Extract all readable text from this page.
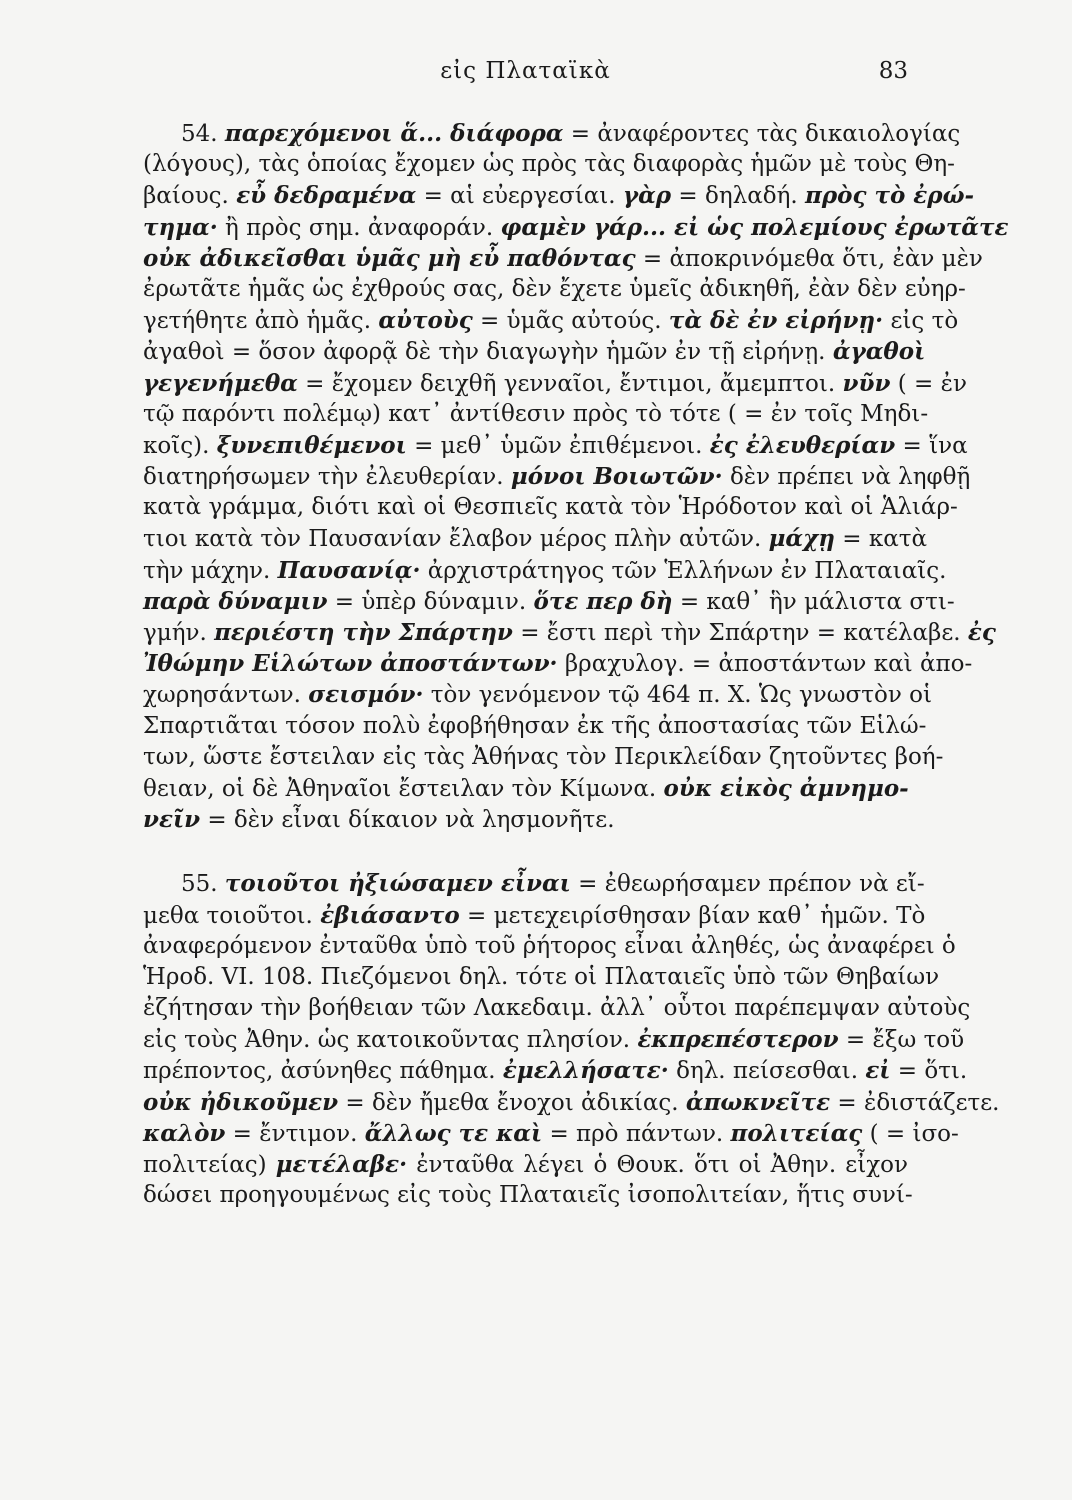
εἰς Πλαταϊκὰ	83
54. παρεχόμενοι ἅ... διάφορα = ἀναφέροντες τὰς δικαιολογίας
(λόγους), τὰς ὁποίας ἔχομεν ὡς πρὸς τὰς διαφορὰς ἡμῶν μὲ τοὺς Θη-
βαίους. εὖ δεδραμένα = αἱ εὐεργεσίαι. γὰρ = δηλαδή. πρὸς τὸ ἐρώ-
τημα· ἢ πρὸς σημ. ἀναφοράν. φαμὲν γάρ... εἰ ὡς πολεμίους ἐρωτᾶτε
οὐκ ἀδικεῖσθαι ὑμᾶς μὴ εὖ παθόντας = ἀποκρινόμεθα ὅτι, ἐὰν μὲν
ἐρωτᾶτε ἡμᾶς ὡς ἐχθρούς σας, δὲν ἔχετε ὑμεῖς ἀδικηθῆ, ἐὰν δὲν εὐηρ-
γετήθητε ἀπὸ ἡμᾶς. αὐτοὺς = ὑμᾶς αὐτούς. τὰ δὲ ἐν εἰρήνῃ· εἰς τὸ
ἀγαθοὶ = ὅσον ἀφορᾷ δὲ τὴν διαγωγὴν ἡμῶν ἐν τῇ εἰρήνῃ. ἀγαθοὶ
γεγενήμεθα = ἔχομεν δειχθῆ γενναῖοι, ἔντιμοι, ἄμεμπτοι. νῦν ( = ἐν
τῷ παρόντι πολέμῳ) κατ᾽ ἀντίθεσιν πρὸς τὸ τότε ( = ἐν τοῖς Μηδι-
κοῖς). ξυνεπιθέμενοι = μεθ᾽ ὑμῶν ἐπιθέμενοι. ἐς ἐλευθερίαν = ἵνα
διατηρήσωμεν τὴν ἐλευθερίαν. μόνοι Βοιωτῶν· δὲν πρέπει νὰ ληφθῇ
κατὰ γράμμα, διότι καὶ οἱ Θεσπιεῖς κατὰ τὸν Ἡρόδοτον καὶ οἱ Ἁλιάρ-
τιοι κατὰ τὸν Παυσανίαν ἔλαβον μέρος πλὴν αὐτῶν. μάχῃ = κατὰ
τὴν μάχην. Παυσανίᾳ· ἀρχιστράτηγος τῶν Ἑλλήνων ἐν Πλαταιαῖς.
παρὰ δύναμιν = ὑπὲρ δύναμιν. ὅτε περ δὴ = καθ᾽ ἣν μάλιστα στι-
γμήν. περιέστη τὴν Σπάρτην = ἔστι περὶ τὴν Σπάρτην = κατέλαβε. ἐς
Ἰθώμην Εἱλώτων ἀποστάντων· βραχυλογ. = ἀποστάντων καὶ ἀπο-
χωρησάντων. σεισμόν· τὸν γενόμενον τῷ 464 π. Χ. Ὡς γνωστὸν οἱ
Σπαρτιᾶται τόσον πολὺ ἐφοβήθησαν ἐκ τῆς ἀποστασίας τῶν Εἱλώ-
των, ὥστε ἔστειλαν εἰς τὰς Ἀθήνας τὸν Περικλείδαν ζητοῦντες βοή-
θειαν, οἱ δὲ Ἀθηναῖοι ἔστειλαν τὸν Κίμωνα. οὐκ εἰκὸς ἀμνημο-
νεῖν = δὲν εἶναι δίκαιον νὰ λησμονῆτε.
55. τοιοῦτοι ἠξιώσαμεν εἶναι = ἐθεωρήσαμεν πρέπον νὰ εἴ-
μεθα τοιοῦτοι. ἐβιάσαντο = μετεχειρίσθησαν βίαν καθ᾽ ἡμῶν. Τὸ
ἀναφερόμενον ἐνταῦθα ὑπὸ τοῦ ῥήτορος εἶναι ἀληθές, ὡς ἀναφέρει ὁ
Ἡροδ. VI. 108. Πιεζόμενοι δηλ. τότε οἱ Πλαταιεῖς ὑπὸ τῶν Θηβαίων
ἐζήτησαν τὴν βοήθειαν τῶν Λακεδαιμ. ἀλλ᾽ οὗτοι παρέπεμψαν αὐτοὺς
εἰς τοὺς Ἀθην. ὡς κατοικοῦντας πλησίον. ἐκπρεπέστερον = ἔξω τοῦ
πρέποντος, ἀσύνηθες πάθημα. ἐμελλήσατε· δηλ. πείσεσθαι. εἰ = ὅτι.
οὐκ ἠδικοῦμεν = δὲν ἤμεθα ἔνοχοι ἀδικίας. ἀπωκνεῖτε = ἐδιστάζετε.
καλὸν = ἔντιμον. ἄλλως τε καὶ = πρὸ πάντων. πολιτείας ( = ἰσο-
πολιτείας) μετέλαβε· ἐνταῦθα λέγει ὁ Θουκ. ὅτι οἱ Ἀθην. εἶχον
δώσει προηγουμένως εἰς τοὺς Πλαταιεῖς ἰσοπολιτείαν, ἥτις συνί-
